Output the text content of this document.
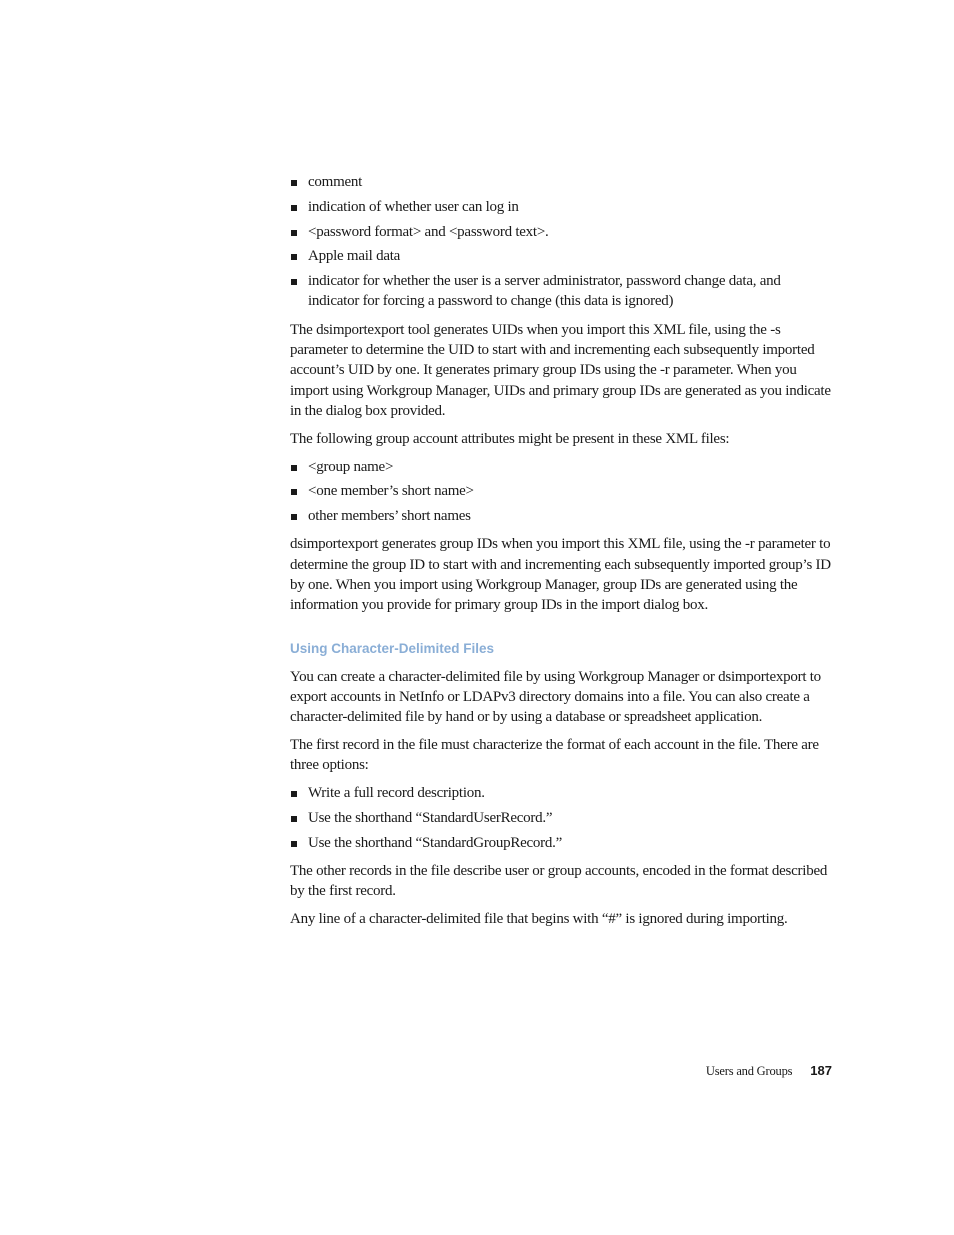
comment
indication of whether user can log in
<password format> and <password text>.
Apple mail data
indicator for whether the user is a server administrator, password change data, and indicator for forcing a password to change (this data is ignored)

The dsimportexport tool generates UIDs when you import this XML file, using the -s parameter to determine the UID to start with and incrementing each subsequently imported account’s UID by one. It generates primary group IDs using the -r parameter. When you import using Workgroup Manager, UIDs and primary group IDs are generated as you indicate in the dialog box provided.

The following group account attributes might be present in these XML files:

<group name>
<one member’s short name>
other members’ short names

dsimportexport generates group IDs when you import this XML file, using the -r parameter to determine the group ID to start with and incrementing each subsequently imported group’s ID by one. When you import using Workgroup Manager, group IDs are generated using the information you provide for primary group IDs in the import dialog box.

Using Character-Delimited Files

You can create a character-delimited file by using Workgroup Manager or dsimportexport to export accounts in NetInfo or LDAPv3 directory domains into a file. You can also create a character-delimited file by hand or by using a database or spreadsheet application.

The first record in the file must characterize the format of each account in the file. There are three options:

Write a full record description.
Use the shorthand “StandardUserRecord.”
Use the shorthand “StandardGroupRecord.”

The other records in the file describe user or group accounts, encoded in the format described by the first record.

Any line of a character-delimited file that begins with “#” is ignored during importing.

Users and Groups 187
